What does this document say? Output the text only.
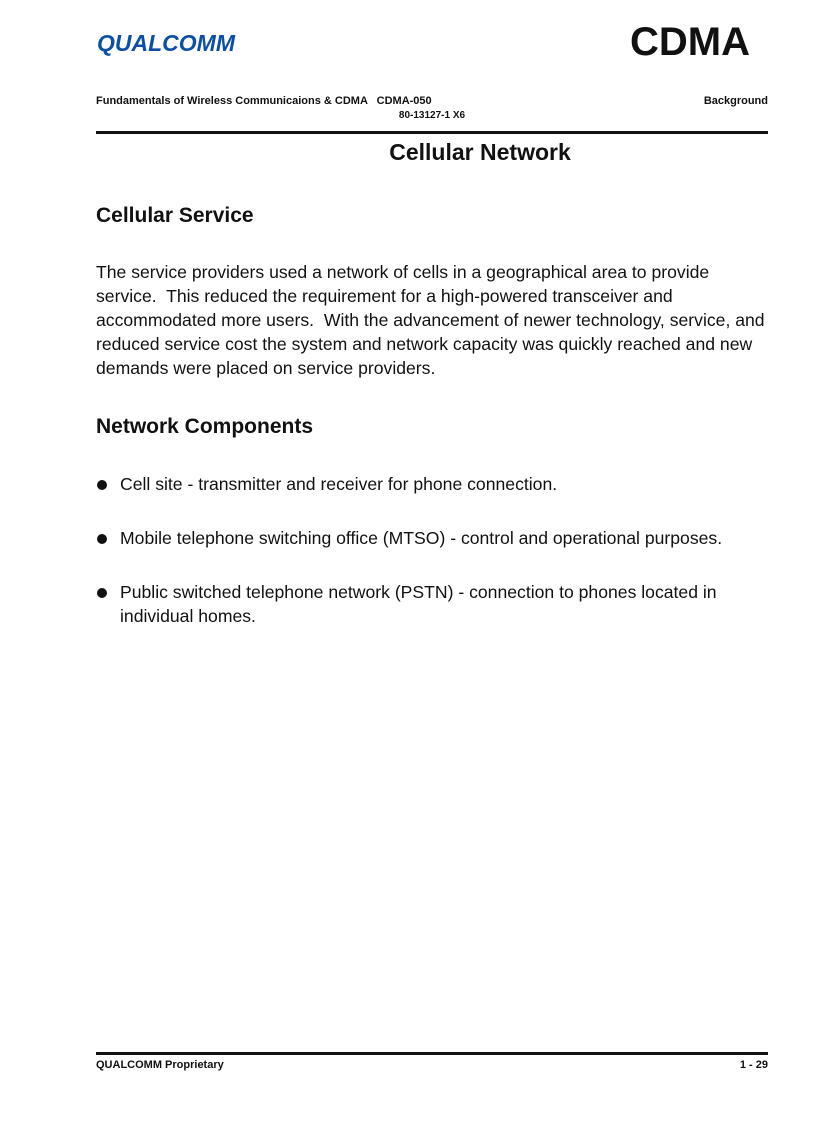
QUALCOMM	CDMA
Fundamentals of Wireless Communicaions & CDMA   CDMA-050	Background
80-13127-1 X6
Cellular Network
Cellular Service

The service providers used a network of cells in a geographical area to provide service.  This reduced the requirement for a high-powered transceiver and accommodated more users.  With the advancement of newer technology, service, and reduced service cost the system and network capacity was quickly reached and new demands were placed on service providers.

Network Components
Cell site - transmitter and receiver for phone connection.
Mobile telephone switching office (MTSO) - control and operational purposes.
Public switched telephone network (PSTN) - connection to phones located in individual homes.
QUALCOMM Proprietary	1 - 29
